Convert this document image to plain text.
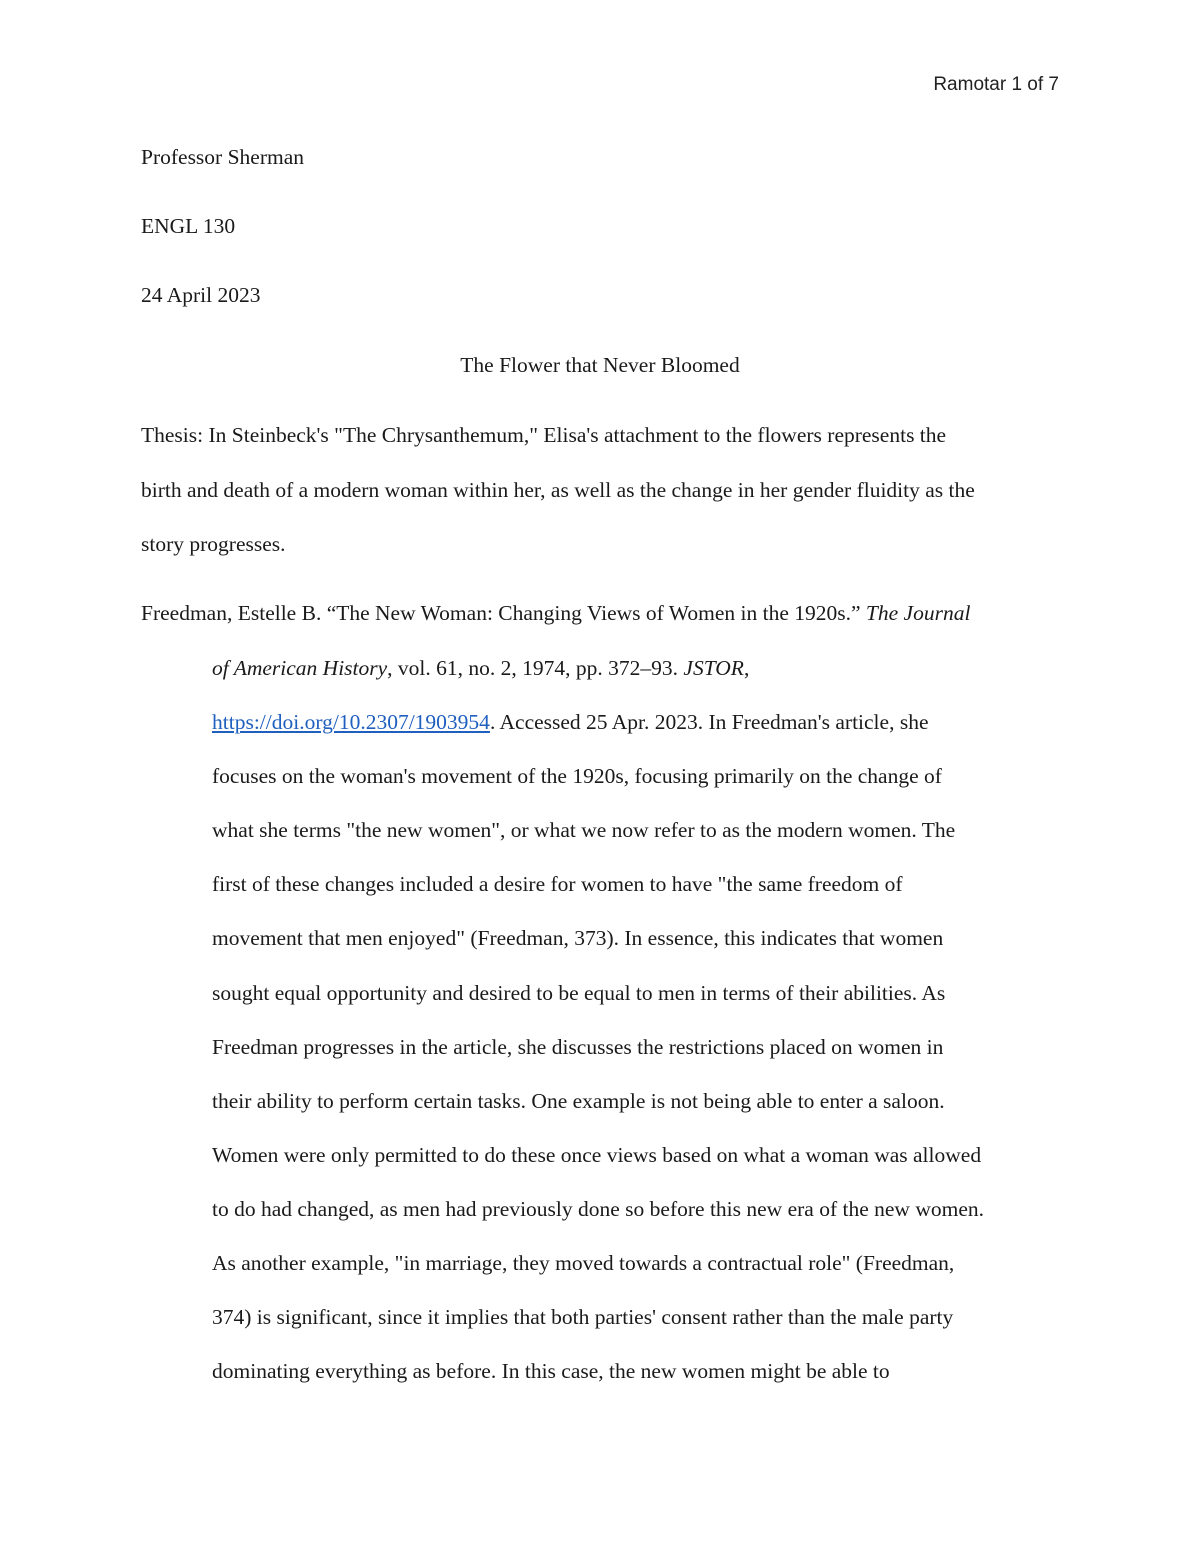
Ramotar 1 of 7
Professor Sherman
ENGL 130
24 April 2023
The Flower that Never Bloomed
Thesis: In Steinbeck's "The Chrysanthemum," Elisa's attachment to the flowers represents the
birth and death of a modern woman within her, as well as the change in her gender fluidity as the
story progresses.
Freedman, Estelle B. “The New Woman: Changing Views of Women in the 1920s.” The Journal
of American History, vol. 61, no. 2, 1974, pp. 372–93. JSTOR,
https://doi.org/10.2307/1903954. Accessed 25 Apr. 2023. In Freedman's article, she
focuses on the woman's movement of the 1920s, focusing primarily on the change of
what she terms "the new women", or what we now refer to as the modern women. The
first of these changes included a desire for women to have "the same freedom of
movement that men enjoyed" (Freedman, 373). In essence, this indicates that women
sought equal opportunity and desired to be equal to men in terms of their abilities. As
Freedman progresses in the article, she discusses the restrictions placed on women in
their ability to perform certain tasks. One example is not being able to enter a saloon.
Women were only permitted to do these once views based on what a woman was allowed
to do had changed, as men had previously done so before this new era of the new women.
As another example, "in marriage, they moved towards a contractual role" (Freedman,
374) is significant, since it implies that both parties' consent rather than the male party
dominating everything as before. In this case, the new women might be able to
